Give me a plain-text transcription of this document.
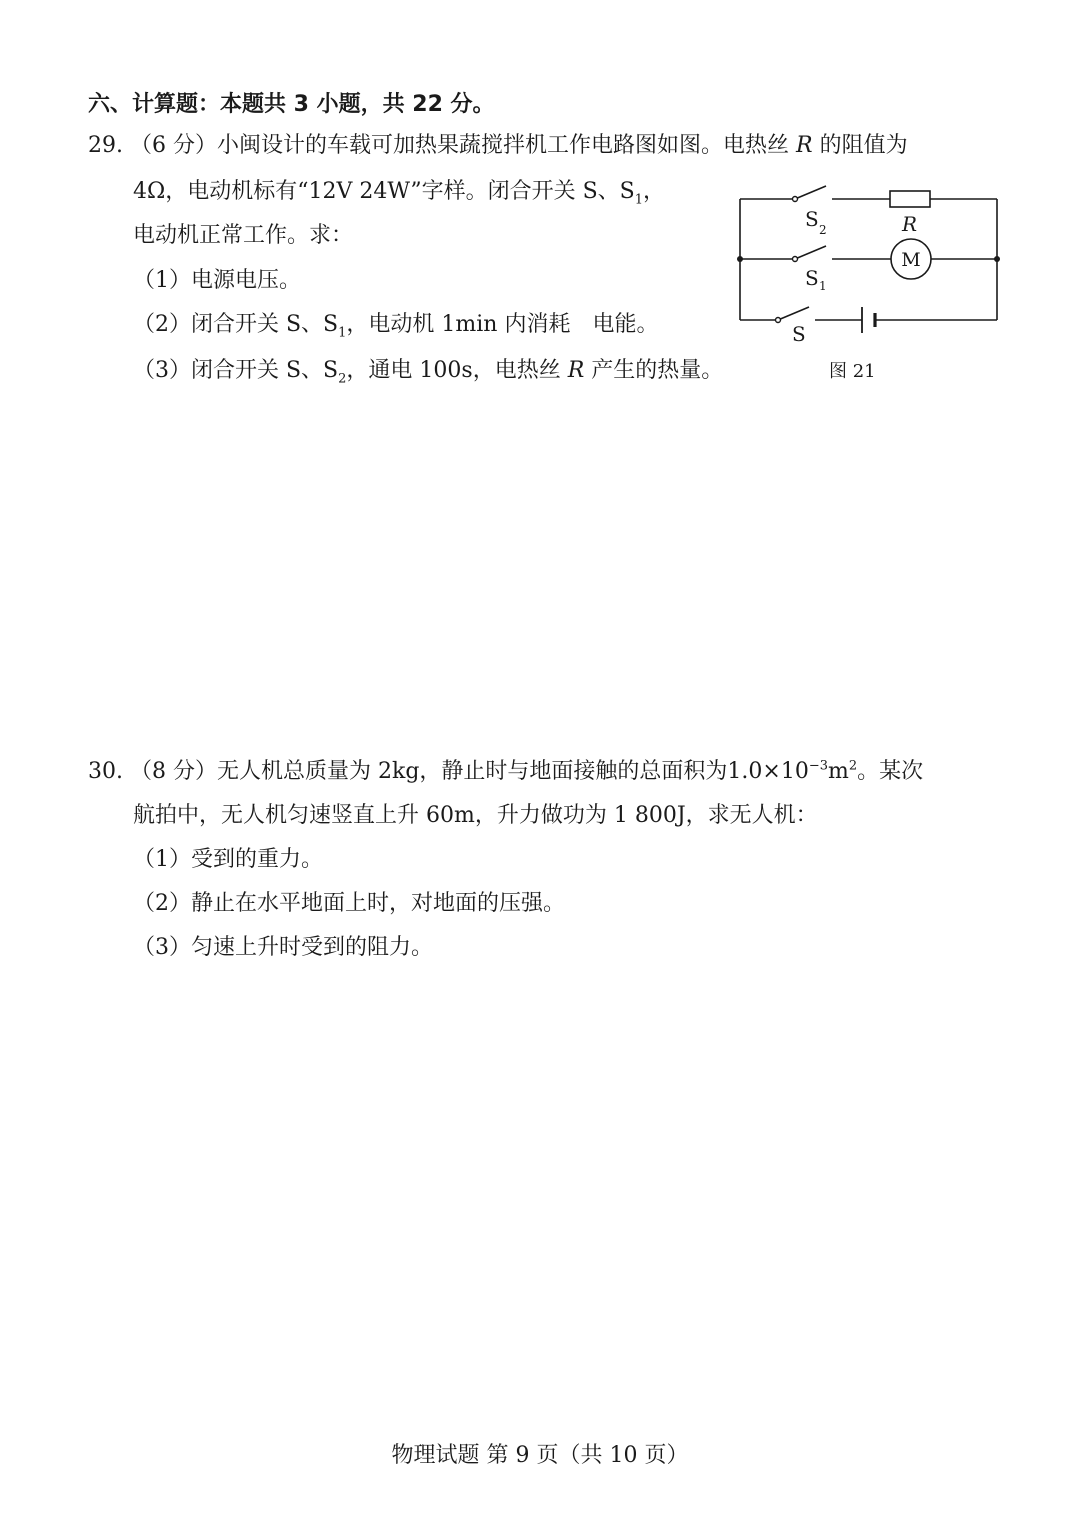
六、计算题：本题共 3 小题，共 22 分。
29. （6 分）小闽设计的车载可加热果蔬搅拌机工作电路图如图。电热丝 R 的阻值为
4Ω，电动机标有“12V 24W”字样。闭合开关 S、$S_1$，
电动机正常工作。求：
（1）电源电压。
（2）闭合开关 S、$S_1$，电动机 1min 内消耗　电能。
（3）闭合开关 S、$S_2$，通电 100s，电热丝 R 产生的热量。
S 2
S 1
S
R
M
图 21
30. （8 分）无人机总质量为 2kg，静止时与地面接触的总面积为$1.0\times 10^{-3}m^2$。某次
航拍中，无人机匀速竖直上升 60m，升力做功为 1 800J，求无人机：
（1）受到的重力。
（2）静止在水平地面上时，对地面的压强。
（3）匀速上升时受到的阻力。
物理试题 第 9 页（共 10 页）
